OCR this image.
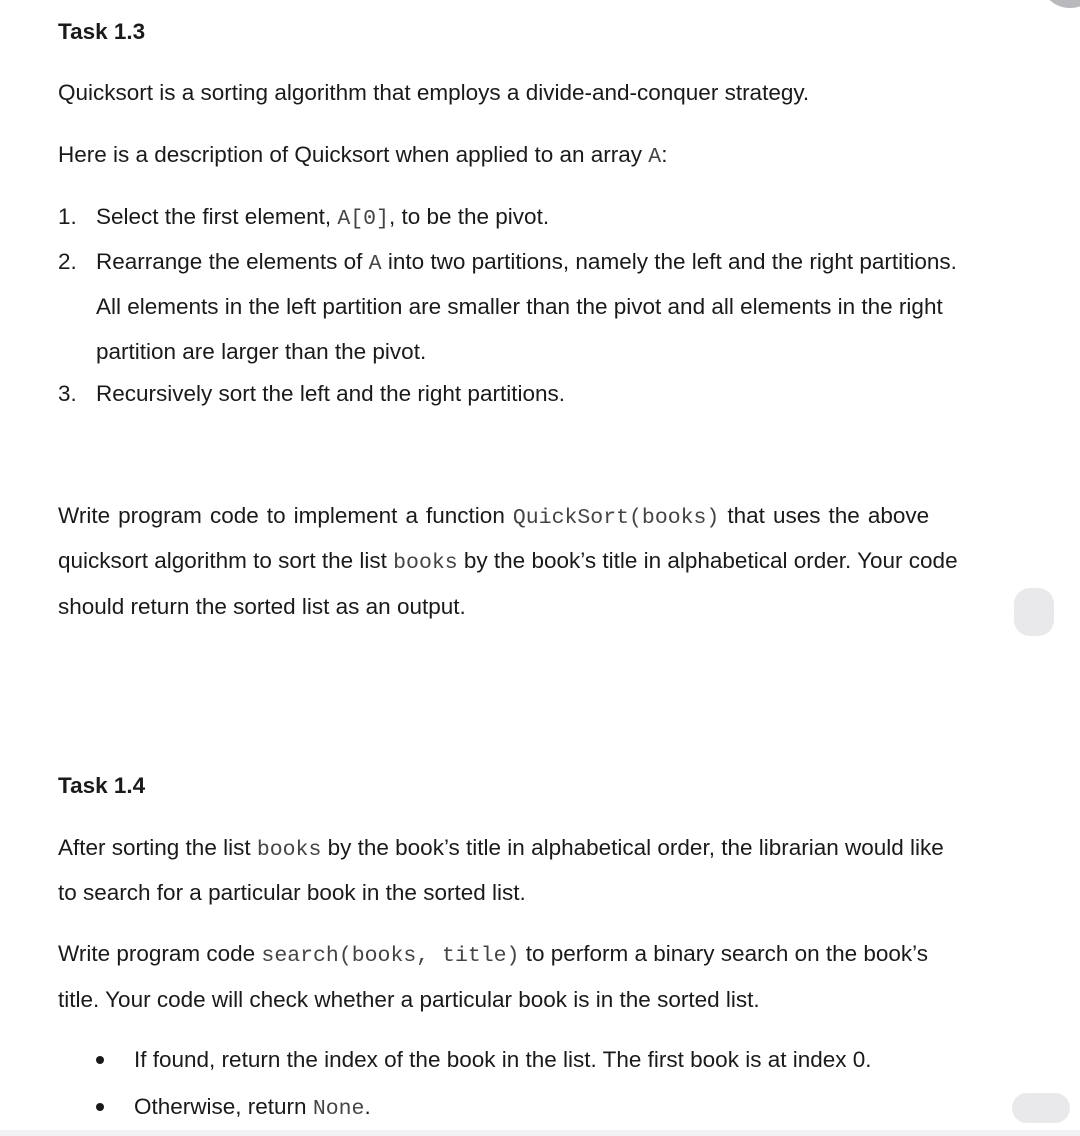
Task 1.3
Quicksort is a sorting algorithm that employs a divide-and-conquer strategy.
Here is a description of Quicksort when applied to an array A:
1. Select the first element, A[0], to be the pivot.
2. Rearrange the elements of A into two partitions, namely the left and the right partitions.
All elements in the left partition are smaller than the pivot and all elements in the right
partition are larger than the pivot.
3. Recursively sort the left and the right partitions.
Write program code to implement a function QuickSort(books) that uses the above
quicksort algorithm to sort the list books by the book’s title in alphabetical order. Your code
should return the sorted list as an output.
Task 1.4
After sorting the list books by the book’s title in alphabetical order, the librarian would like
to search for a particular book in the sorted list.
Write program code search(books, title) to perform a binary search on the book’s
title. Your code will check whether a particular book is in the sorted list.
If found, return the index of the book in the list. The first book is at index 0.
Otherwise, return None.
